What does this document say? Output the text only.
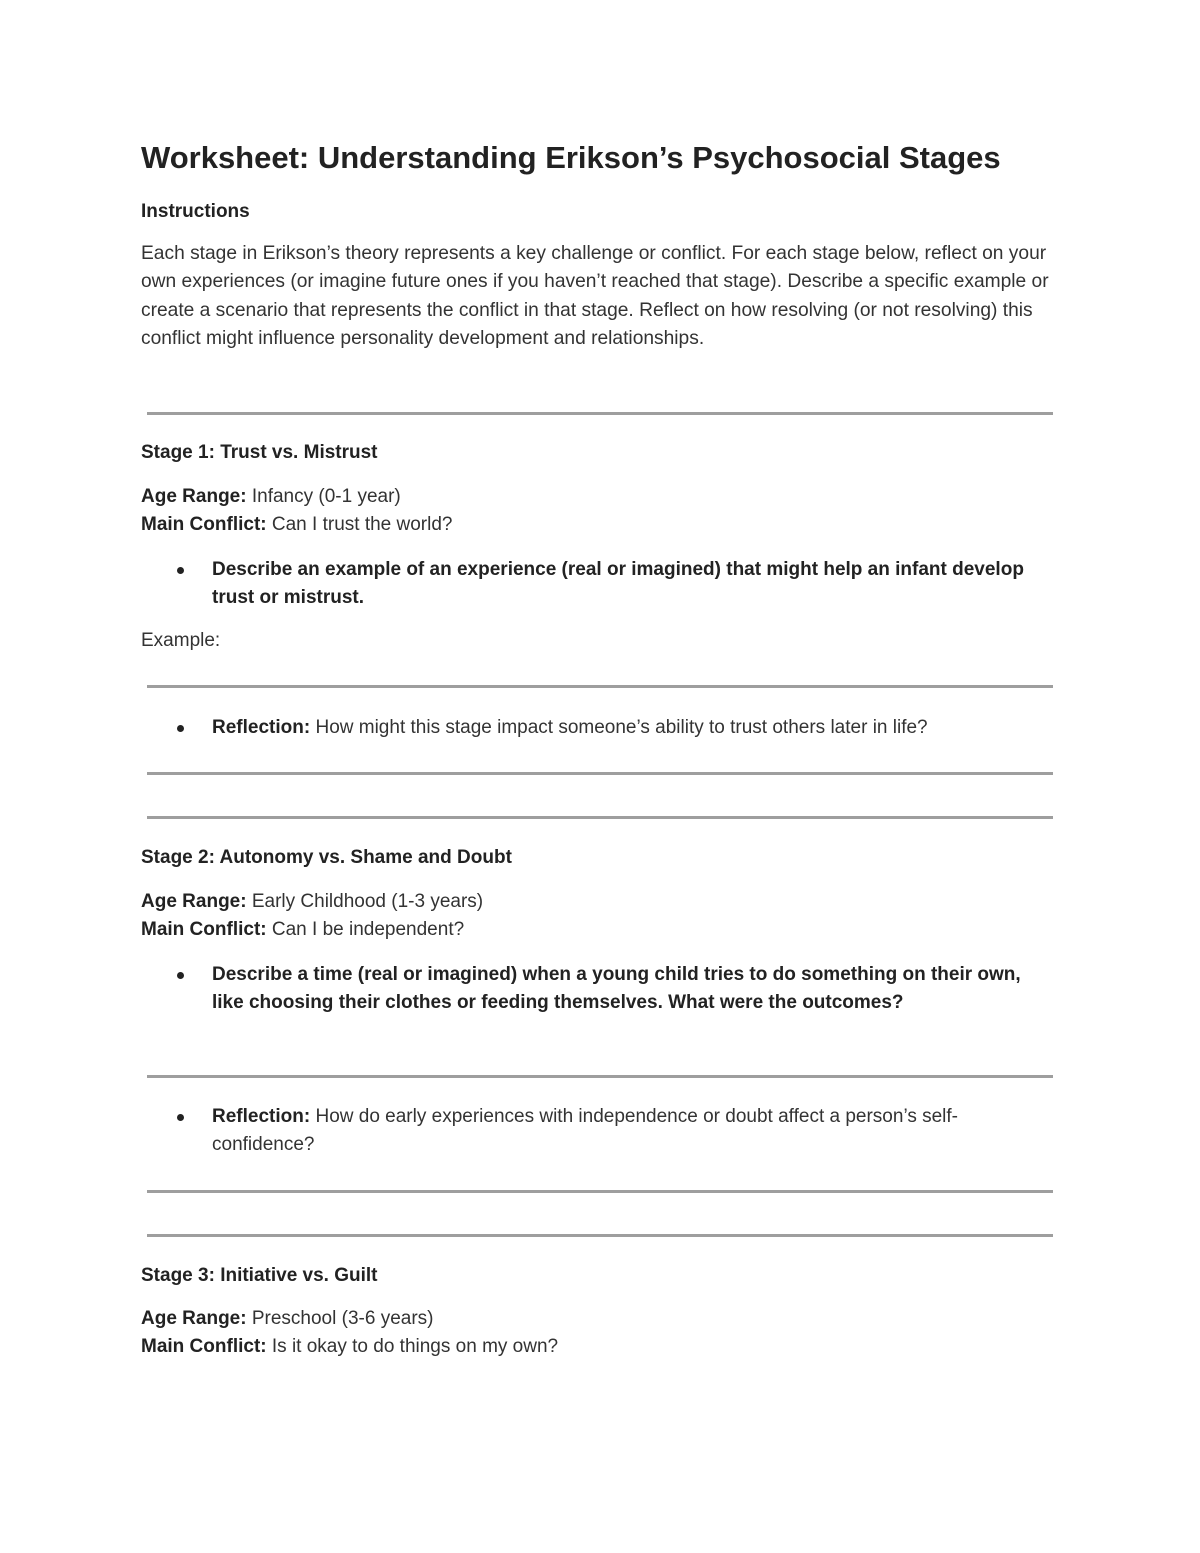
Worksheet: Understanding Erikson’s Psychosocial Stages
Instructions

Each stage in Erikson’s theory represents a key challenge or conflict. For each stage below, reflect on your own experiences (or imagine future ones if you haven’t reached that stage). Describe a specific example or create a scenario that represents the conflict in that stage. Reflect on how resolving (or not resolving) this conflict might influence personality development and relationships.

Stage 1: Trust vs. Mistrust
Age Range: Infancy (0-1 year)
Main Conflict: Can I trust the world?
Describe an example of an experience (real or imagined) that might help an infant develop trust or mistrust.
Example:
Reflection: How might this stage impact someone’s ability to trust others later in life?
Stage 2: Autonomy vs. Shame and Doubt
Age Range: Early Childhood (1-3 years)
Main Conflict: Can I be independent?
Describe a time (real or imagined) when a young child tries to do something on their own, like choosing their clothes or feeding themselves. What were the outcomes?
Reflection: How do early experiences with independence or doubt affect a person’s self-confidence?
Stage 3: Initiative vs. Guilt
Age Range: Preschool (3-6 years)
Main Conflict: Is it okay to do things on my own?
